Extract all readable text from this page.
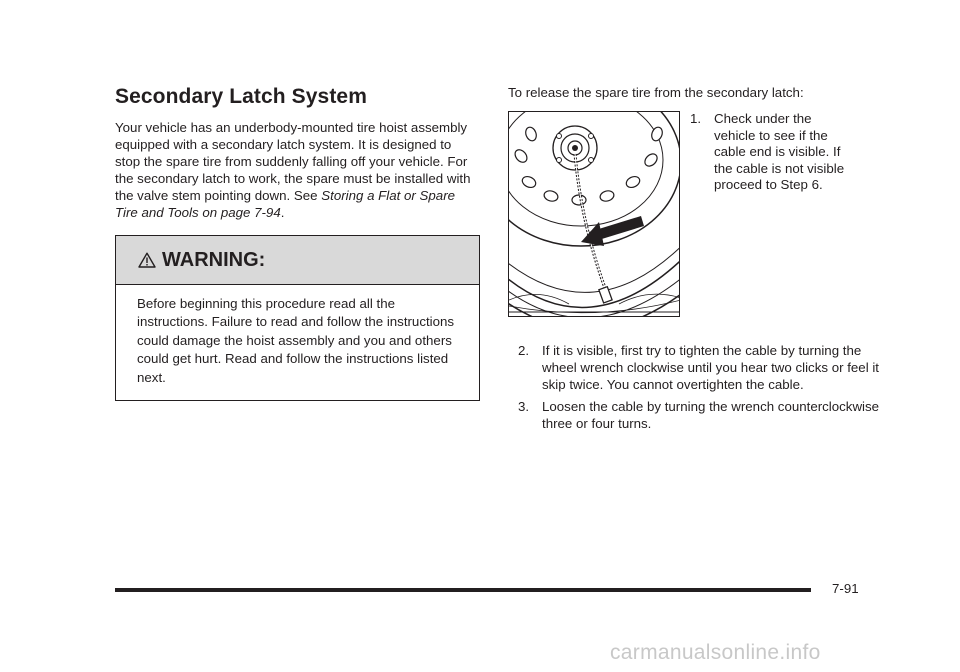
Secondary Latch System

Your vehicle has an underbody-mounted tire hoist assembly equipped with a secondary latch system. It is designed to stop the spare tire from suddenly falling off your vehicle. For the secondary latch to work, the spare must be installed with the valve stem pointing down. See Storing a Flat or Spare Tire and Tools on page 7-94.

WARNING:
Before beginning this procedure read all the instructions. Failure to read and follow the instructions could damage the hoist assembly and you and others could get hurt. Read and follow the instructions listed next.

To release the spare tire from the secondary latch:

1. Check under the vehicle to see if the cable end is visible. If the cable is not visible proceed to Step 6.
2. If it is visible, first try to tighten the cable by turning the wheel wrench clockwise until you hear two clicks or feel it skip twice. You cannot overtighten the cable.
3. Loosen the cable by turning the wrench counterclockwise three or four turns.
7-91
carmanualsonline.info
